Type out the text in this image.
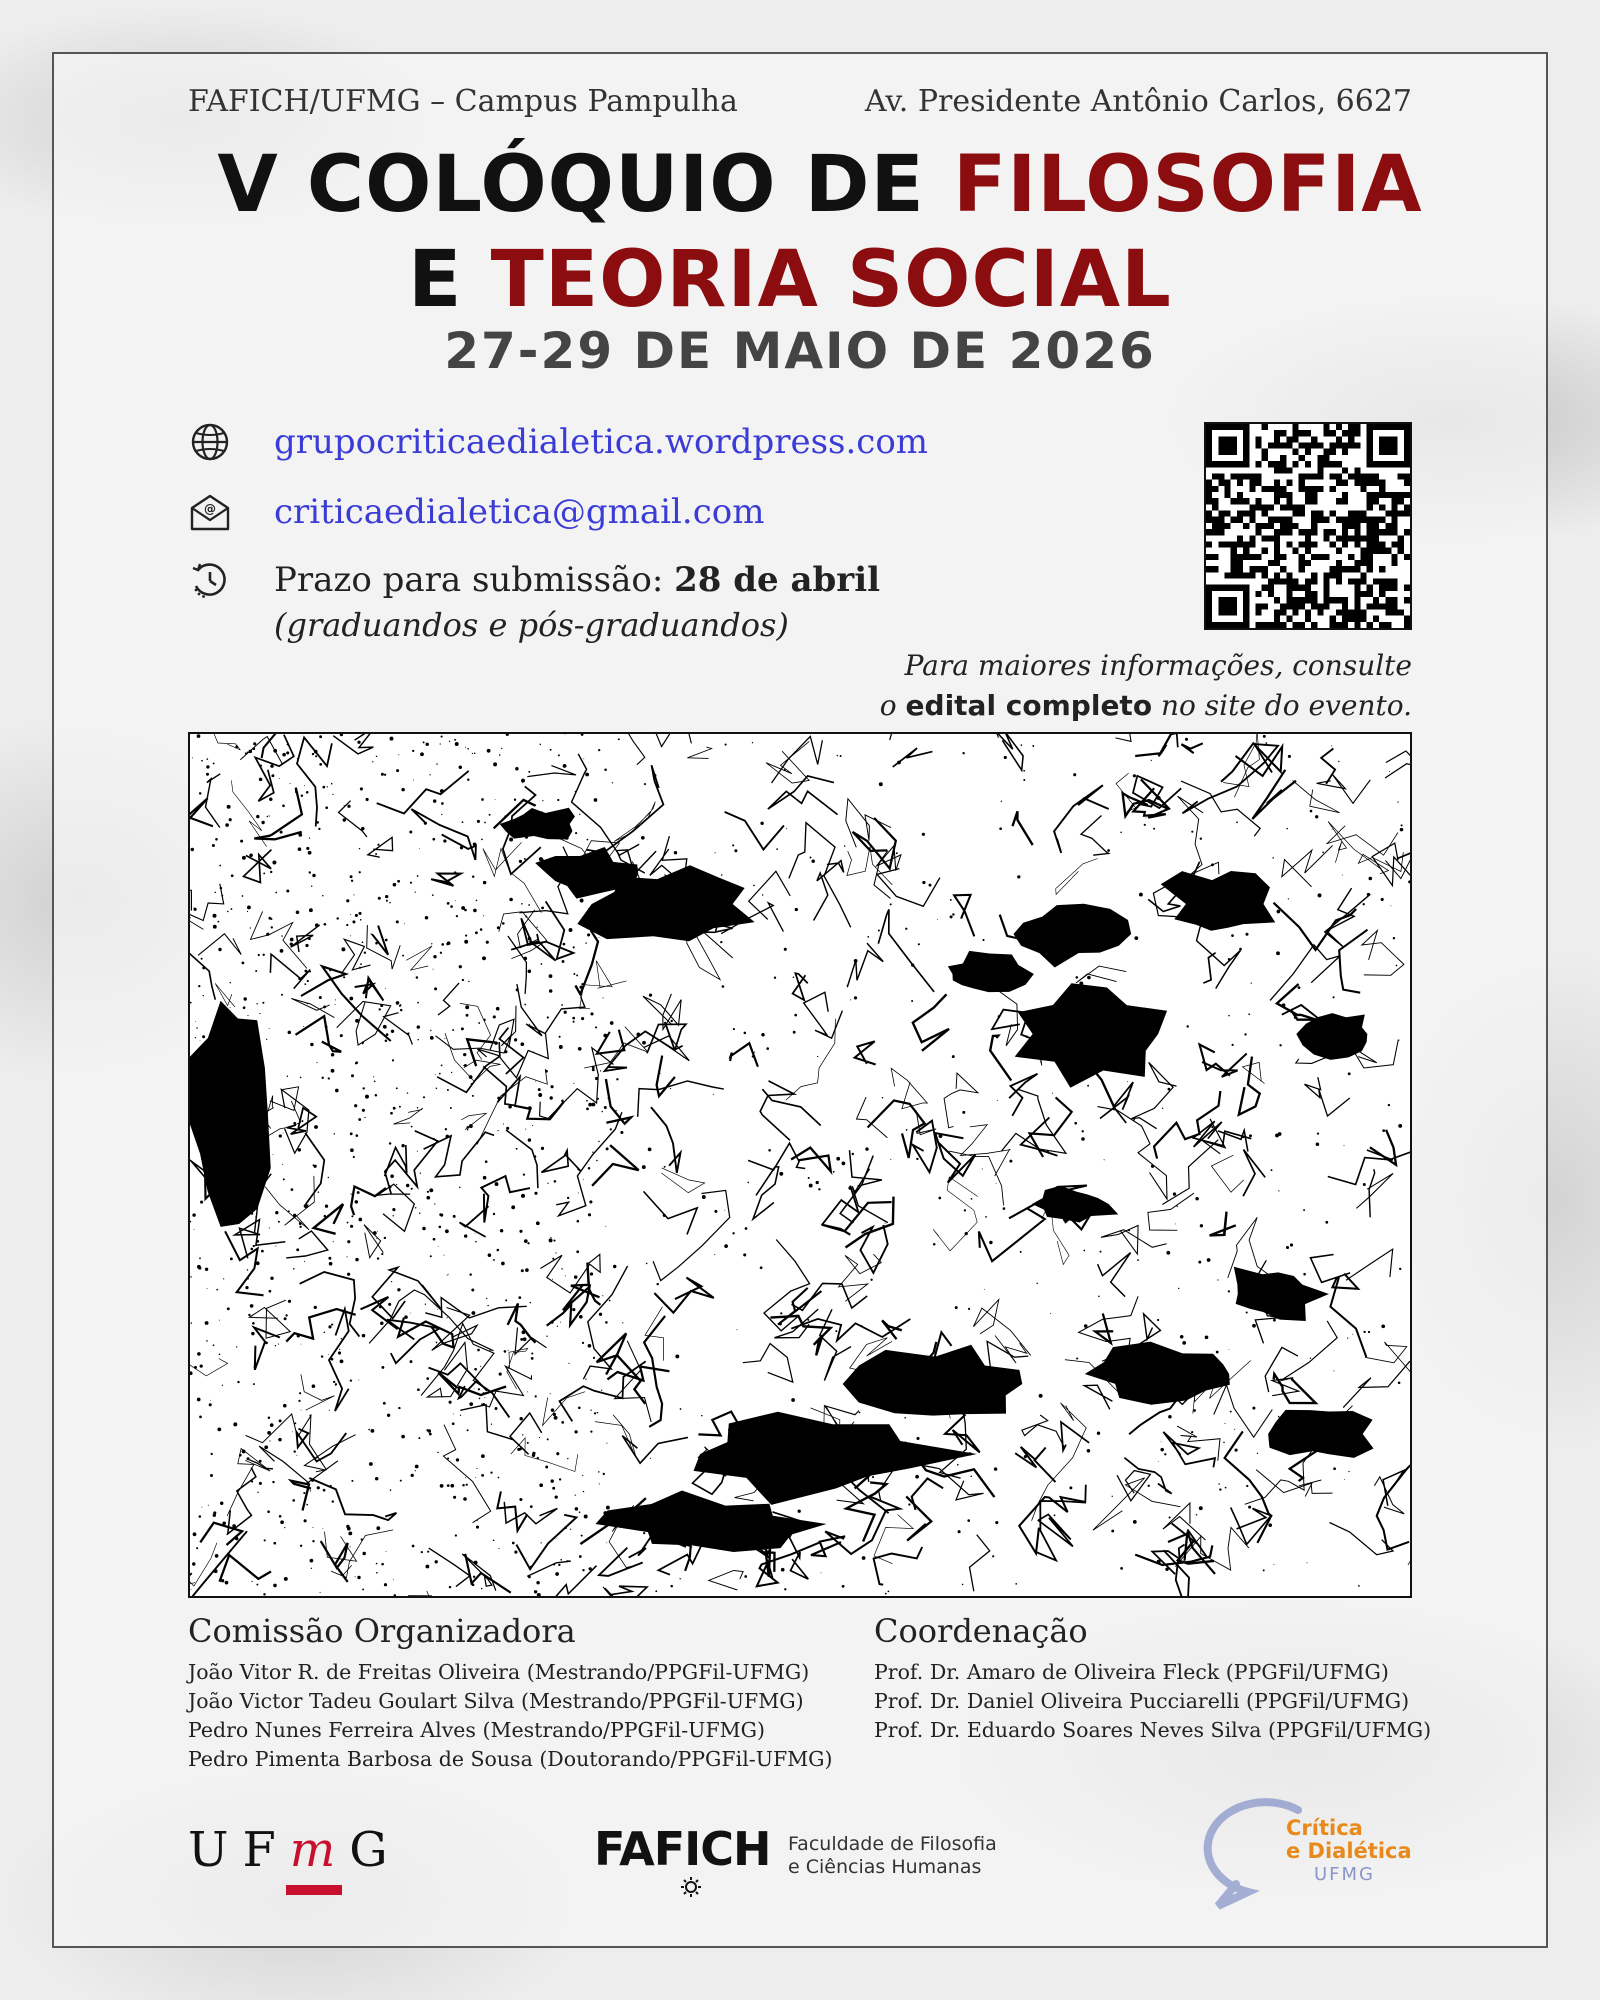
FAFICH/UFMG – Campus Pampulha	Av. Presidente Antônio Carlos, 6627
V COLÓQUIO DE FILOSOFIA
E TEORIA SOCIAL
27-29 DE MAIO DE 2026
grupocriticaedialetica.wordpress.com
@ criticaedialetica@gmail.com
Prazo para submissão: 28 de abril
(graduandos e pós-graduandos)
Para maiores informações, consulte
o edital completo no site do evento.
Comissão Organizadora
João Vitor R. de Freitas Oliveira (Mestrando/PPGFil-UFMG)
João Victor Tadeu Goulart Silva (Mestrando/PPGFil-UFMG)
Pedro Nunes Ferreira Alves (Mestrando/PPGFil-UFMG)
Pedro Pimenta Barbosa de Sousa (Doutorando/PPGFil-UFMG)
Coordenação
Prof. Dr. Amaro de Oliveira Fleck (PPGFil/UFMG)
Prof. Dr. Daniel Oliveira Pucciarelli (PPGFil/UFMG)
Prof. Dr. Eduardo Soares Neves Silva (PPGFil/UFMG)
UFmG	FAFICH Faculdade de Filosofia
e Ciências Humanas
Crítica
e Dialética
UFMG
